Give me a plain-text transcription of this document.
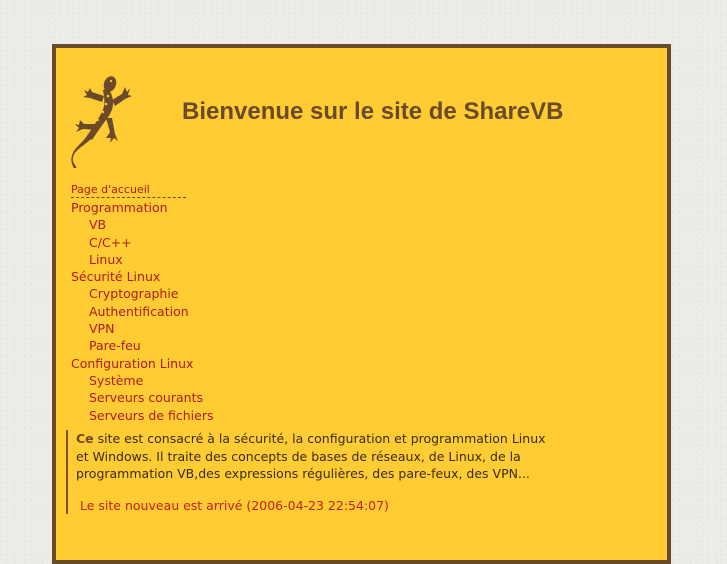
Bienvenue sur le site de ShareVB
Page d'accueil
Programmation
VB
C/C++
Linux
Sécurité Linux
Cryptographie
Authentification
VPN
Pare-feu
Configuration Linux
Système
Serveurs courants
Serveurs de fichiers

Ce site est consacré à la sécurité, la configuration et programmation Linux et Windows. Il traite des concepts de bases de réseaux, de Linux, de la programmation VB,des expressions régulières, des pare-feux, des VPN...

Le site nouveau est arrivé (2006-04-23 22:54:07)
